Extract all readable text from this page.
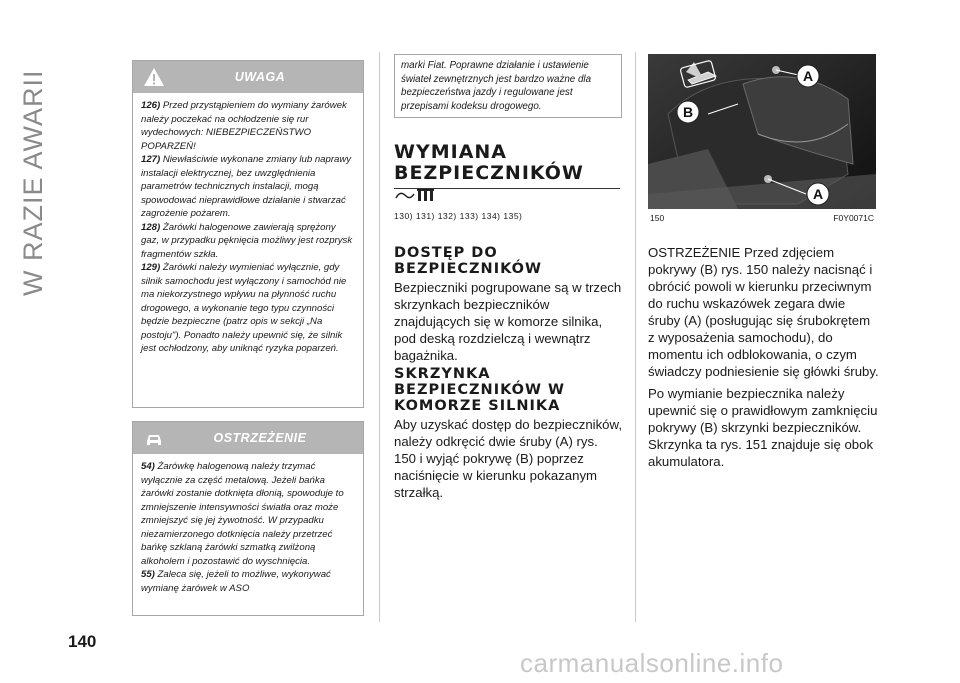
W RAZIE AWARII
140
UWAGA

126) Przed przystąpieniem do wymiany żarówek należy poczekać na ochłodzenie się rur wydechowych: NIEBEZPIECZEŃSTWO POPARZEŃ!

127) Niewłaściwie wykonane zmiany lub naprawy instalacji elektrycznej, bez uwzględnienia parametrów technicznych instalacji, mogą spowodować nieprawidłowe działanie i stwarzać zagrożenie pożarem.

128) Żarówki halogenowe zawierają sprężony gaz, w przypadku pęknięcia możliwy jest rozprysk fragmentów szkła.

129) Żarówki należy wymieniać wyłącznie, gdy silnik samochodu jest wyłączony i samochód nie ma niekorzystnego wpływu na płynność ruchu drogowego, a wykonanie tego typu czynności będzie bezpieczne (patrz opis w sekcji „Na postoju"). Ponadto należy upewnić się, że silnik jest ochłodzony, aby uniknąć ryzyka poparzeń.

OSTRZEŻENIE

54) Żarówkę halogenową należy trzymać wyłącznie za część metalową. Jeżeli bańka żarówki zostanie dotknięta dłonią, spowoduje to zmniejszenie intensywności światła oraz może zmniejszyć się jej żywotność. W przypadku niezamierzonego dotknięcia należy przetrzeć bańkę szklaną żarówki szmatką zwilżoną alkoholem i pozostawić do wyschnięcia.

55) Zaleca się, jeżeli to możliwe, wykonywać wymianę żarówek w ASO

marki Fiat. Poprawne działanie i ustawienie świateł zewnętrznych jest bardzo ważne dla bezpieczeństwa jazdy i regulowane jest przepisami kodeksu drogowego.

WYMIANA

BEZPIECZNIKÓW

130) 131) 132) 133) 134) 135)

DOSTĘP DO

BEZPIECZNIKÓW

Bezpieczniki pogrupowane są w trzech skrzynkach bezpieczników znajdujących się w komorze silnika, pod deską rozdzielczą i wewnątrz bagażnika.

SKRZYNKA

BEZPIECZNIKÓW W

KOMORZE SILNIKA

Aby uzyskać dostęp do bezpieczników, należy odkręcić dwie śruby (A) rys. 150 i wyjąć pokrywę (B) poprzez naciśnięcie w kierunku pokazanym strzałką.

A
B
A
150	F0Y0071C

OSTRZEŻENIE Przed zdjęciem pokrywy (B) rys. 150 należy nacisnąć i obrócić powoli w kierunku przeciwnym do ruchu wskazówek zegara dwie śruby (A) (posługując się śrubokrętem z wyposażenia samochodu), do momentu ich odblokowania, o czym świadczy podniesienie się główki śruby.

Po wymianie bezpiecznika należy upewnić się o prawidłowym zamknięciu pokrywy (B) skrzynki bezpieczników. Skrzynka ta rys. 151 znajduje się obok akumulatora.

carmanualsonline.info
